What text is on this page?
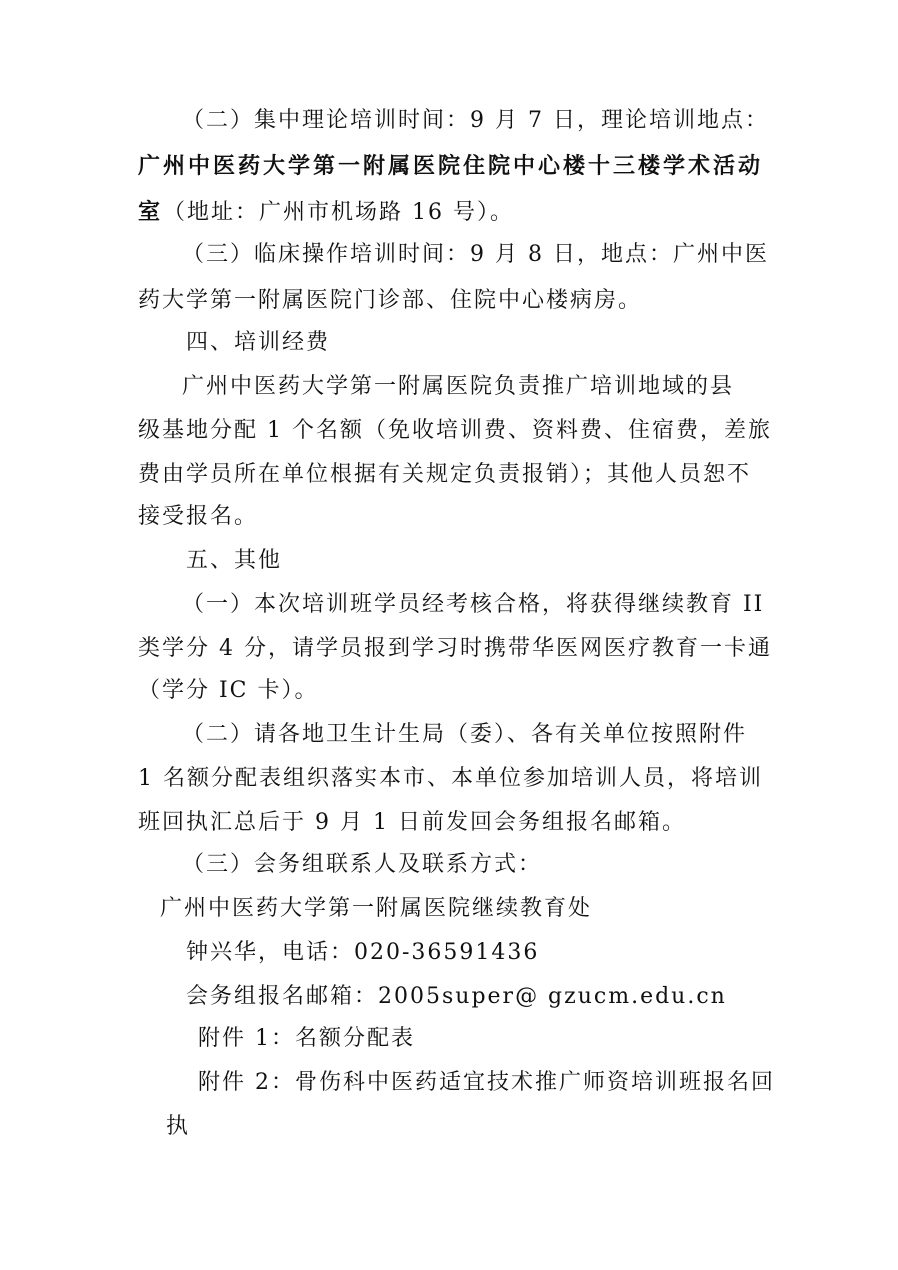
（二）集中理论培训时间：9 月 7 日，理论培训地点：
广州中医药大学第一附属医院住院中心楼十三楼学术活动
室（地址：广州市机场路 16 号）。
（三）临床操作培训时间：9 月 8 日，地点：广州中医
药大学第一附属医院门诊部、住院中心楼病房。
四、培训经费
广州中医药大学第一附属医院负责推广培训地域的县
级基地分配 1 个名额（免收培训费、资料费、住宿费，差旅
费由学员所在单位根据有关规定负责报销）；其他人员恕不
接受报名。
五、其他
（一）本次培训班学员经考核合格，将获得继续教育 II
类学分 4 分，请学员报到学习时携带华医网医疗教育一卡通
（学分 IC 卡）。
（二）请各地卫生计生局（委）、各有关单位按照附件
1 名额分配表组织落实本市、本单位参加培训人员，将培训
班回执汇总后于 9 月 1 日前发回会务组报名邮箱。
（三）会务组联系人及联系方式：
广州中医药大学第一附属医院继续教育处
钟兴华，电话：020-36591436
会务组报名邮箱：2005super@ gzucm.edu.cn
附件 1：名额分配表
附件 2：骨伤科中医药适宜技术推广师资培训班报名回
执
